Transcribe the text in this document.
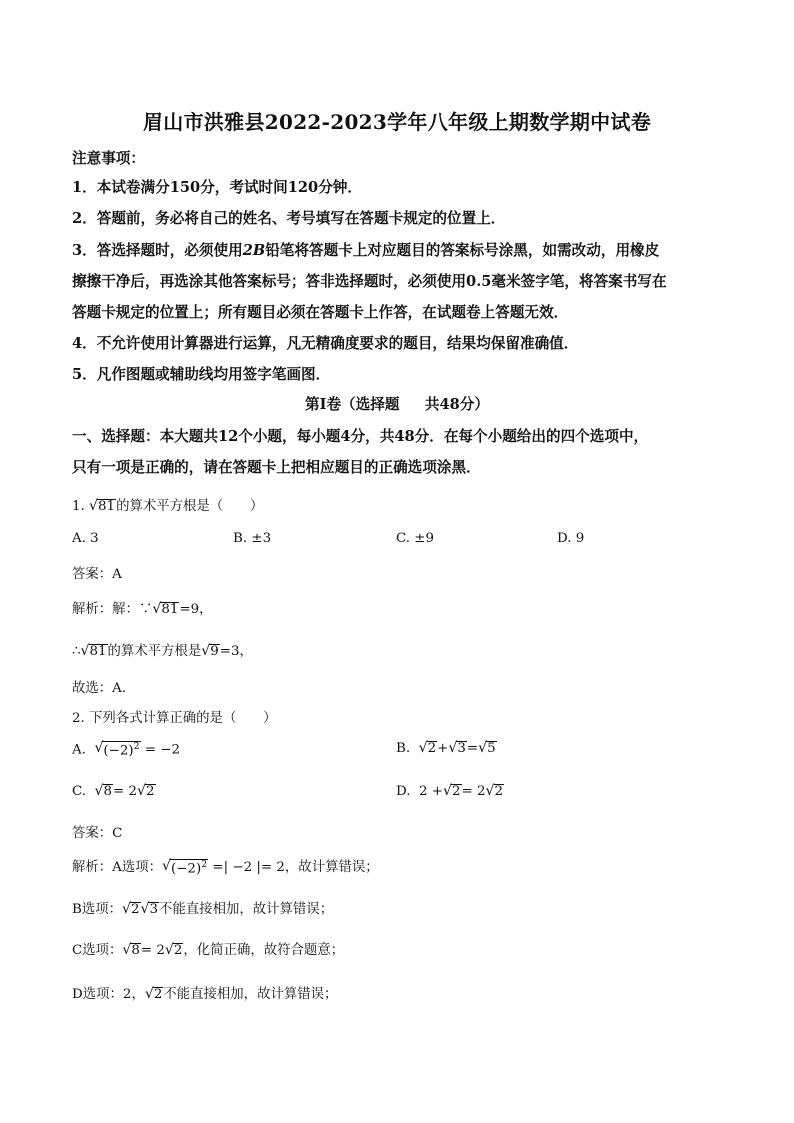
眉山市洪雅县2022-2023学年八年级上期数学期中试卷
注意事项：
1．本试卷满分150分，考试时间120分钟．
2．答题前，务必将自己的姓名、考号填写在答题卡规定的位置上．
3．答选择题时，必须使用2B铅笔将答题卡上对应题目的答案标号涂黑，如需改动，用橡皮
擦擦干净后，再选涂其他答案标号；答非选择题时，必须使用0.5毫米签字笔，将答案书写在
答题卡规定的位置上；所有题目必须在答题卡上作答，在试题卷上答题无效．
4．不允许使用计算器进行运算，凡无精确度要求的题目，结果均保留准确值．
5．凡作图题或辅助线均用签字笔画图．
第Ⅰ卷（选择题 共48分）
一、选择题：本大题共12个小题，每小题4分，共48分．在每个小题给出的四个选项中，
只有一项是正确的，请在答题卡上把相应题目的正确选项涂黑．
1. √ 81 的算术平方根是（　　）
A. 3	B. ±3	C. ±9	D. 9
答案：A
解析：解：∵ √ 81 =9，
∴ √ 81 的算术平方根是 √ 9 =3，
故选：A.
2. 下列各式计算正确的是（　　）
A. √ $(-2)^2 = -2$	B. √ 2 + √ 3 = √ 5
C. √ 8 = 2 √ 2	D. 2 + √ 2 = 2 √ 2
答案：C
解析：A选项： √ $(-2)^2$ =| −2 |= 2，故计算错误；
B选项： √ 2 √ 3 不能直接相加，故计算错误；
C选项： √ 8 = 2 √ 2 ，化简正确，故符合题意；
D选项：2， √ 2 不能直接相加，故计算错误；
